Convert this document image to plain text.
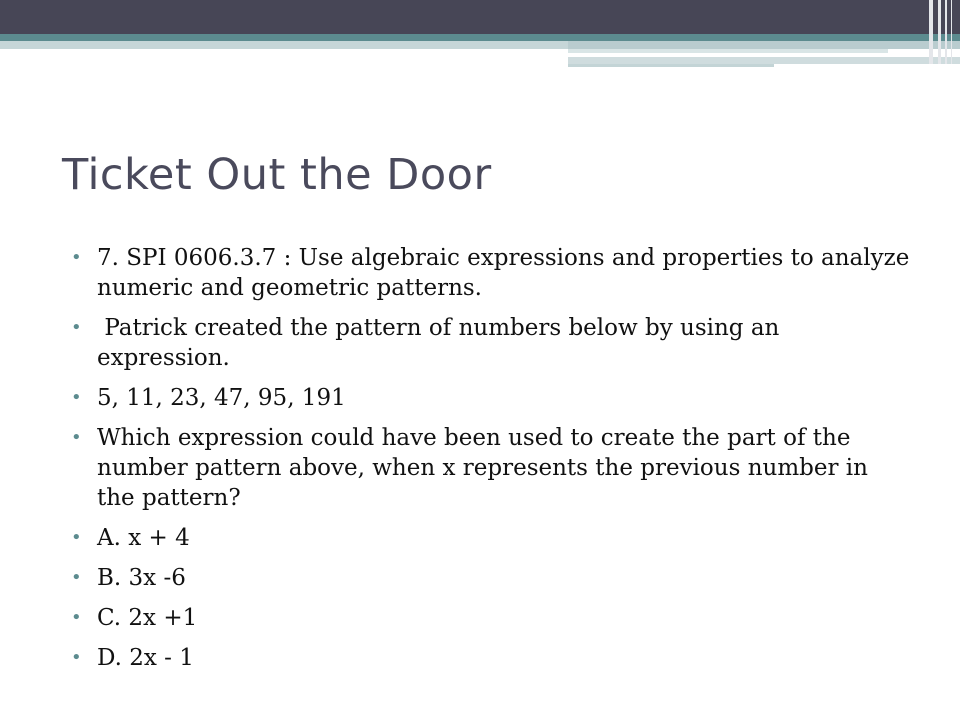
Ticket Out the Door
• 7. SPI 0606.3.7 : Use algebraic expressions and properties to analyze numeric and geometric patterns.
• Patrick created the pattern of numbers below by using an expression.
• 5, 11, 23, 47, 95, 191
• Which expression could have been used to create the part of the number pattern above, when x represents the previous number in the pattern?
• A. x + 4
• B. 3x -6
• C. 2x +1
• D. 2x - 1
